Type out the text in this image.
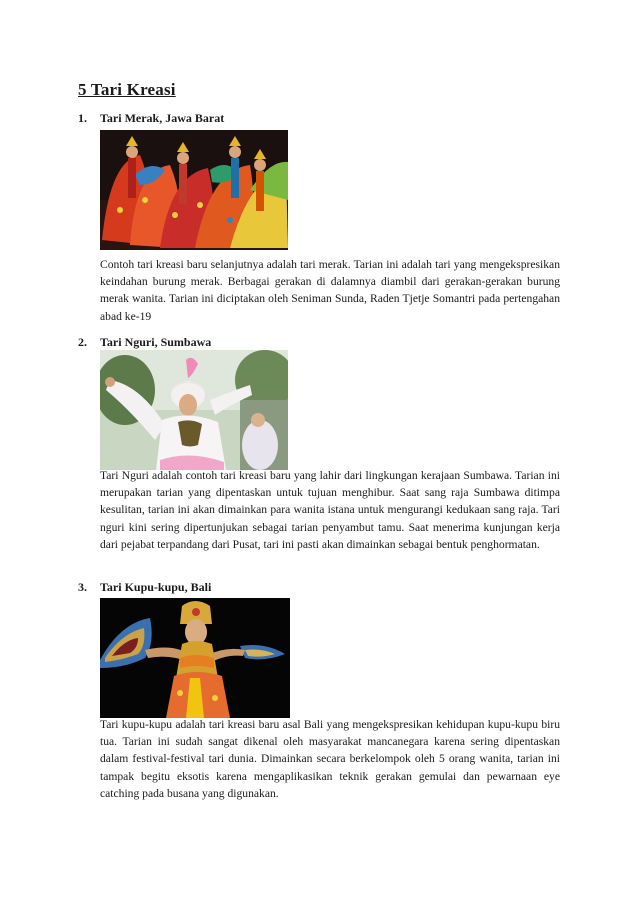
5 Tari Kreasi
1. Tari Merak, Jawa Barat

Contoh tari kreasi baru selanjutnya adalah tari merak. Tarian ini adalah tari yang mengekspresikan keindahan burung merak. Berbagai gerakan di dalamnya diambil dari gerakan-gerakan burung merak wanita. Tarian ini diciptakan oleh Seniman Sunda, Raden Tjetje Somantri pada pertengahan abad ke-19

2. Tari Nguri, Sumbawa

Tari Nguri adalah contoh tari kreasi baru yang lahir dari lingkungan kerajaan Sumbawa. Tarian ini merupakan tarian yang dipentaskan untuk tujuan menghibur. Saat sang raja Sumbawa ditimpa kesulitan, tarian ini akan dimainkan para wanita istana untuk mengurangi kedukaan sang raja. Tari nguri kini sering dipertunjukan sebagai tarian penyambut tamu. Saat menerima kunjungan kerja dari pejabat terpandang dari Pusat, tari ini pasti akan dimainkan sebagai bentuk penghormatan.

3. Tari Kupu-kupu, Bali

Tari kupu-kupu adalah tari kreasi baru asal Bali yang mengekspresikan kehidupan kupu-kupu biru tua. Tarian ini sudah sangat dikenal oleh masyarakat mancanegara karena sering dipentaskan dalam festival-festival tari dunia. Dimainkan secara berkelompok oleh 5 orang wanita, tarian ini tampak begitu eksotis karena mengaplikasikan teknik gerakan gemulai dan pewarnaan eye catching pada busana yang digunakan.
